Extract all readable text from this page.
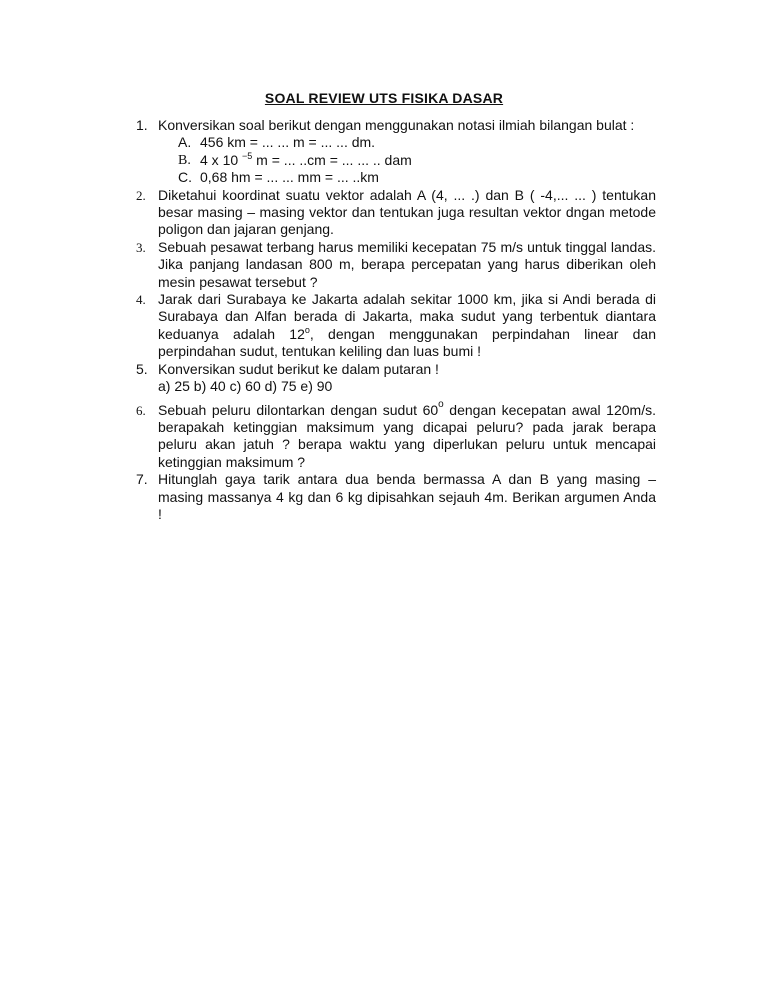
SOAL REVIEW UTS FISIKA DASAR
1. Konversikan soal berikut dengan menggunakan notasi ilmiah bilangan bulat :
A. 456 km = ... ... m = ... ... dm.
B. 4 x 10 $^{-5}$ m = ... ..cm = ... ... .. dam
C. 0,68 hm = ... ... mm = ... ..km
2. Diketahui koordinat suatu vektor adalah A (4, ... .) dan B ( -4,... ... ) tentukan besar masing – masing vektor dan tentukan juga resultan vektor dngan metode poligon dan jajaran genjang.
3. Sebuah pesawat terbang harus memiliki kecepatan 75 m/s untuk tinggal landas. Jika panjang landasan 800 m, berapa percepatan yang harus diberikan oleh mesin pesawat tersebut ?
4. Jarak dari Surabaya ke Jakarta adalah sekitar 1000 km, jika si Andi berada di Surabaya dan Alfan berada di Jakarta, maka sudut yang terbentuk diantara keduanya adalah 12$^o$, dengan menggunakan perpindahan linear dan perpindahan sudut, tentukan keliling dan luas bumi !
5. Konversikan sudut berikut ke dalam putaran !
a) 25 b) 40 c) 60 d) 75 e) 90
6. Sebuah peluru dilontarkan dengan sudut 60$^o$ dengan kecepatan awal 120m/s. berapakah ketinggian maksimum yang dicapai peluru? pada jarak berapa peluru akan jatuh ? berapa waktu yang diperlukan peluru untuk mencapai ketinggian maksimum ?
7. Hitunglah gaya tarik antara dua benda bermassa A dan B yang masing – masing massanya 4 kg dan 6 kg dipisahkan sejauh 4m. Berikan argumen Anda !
